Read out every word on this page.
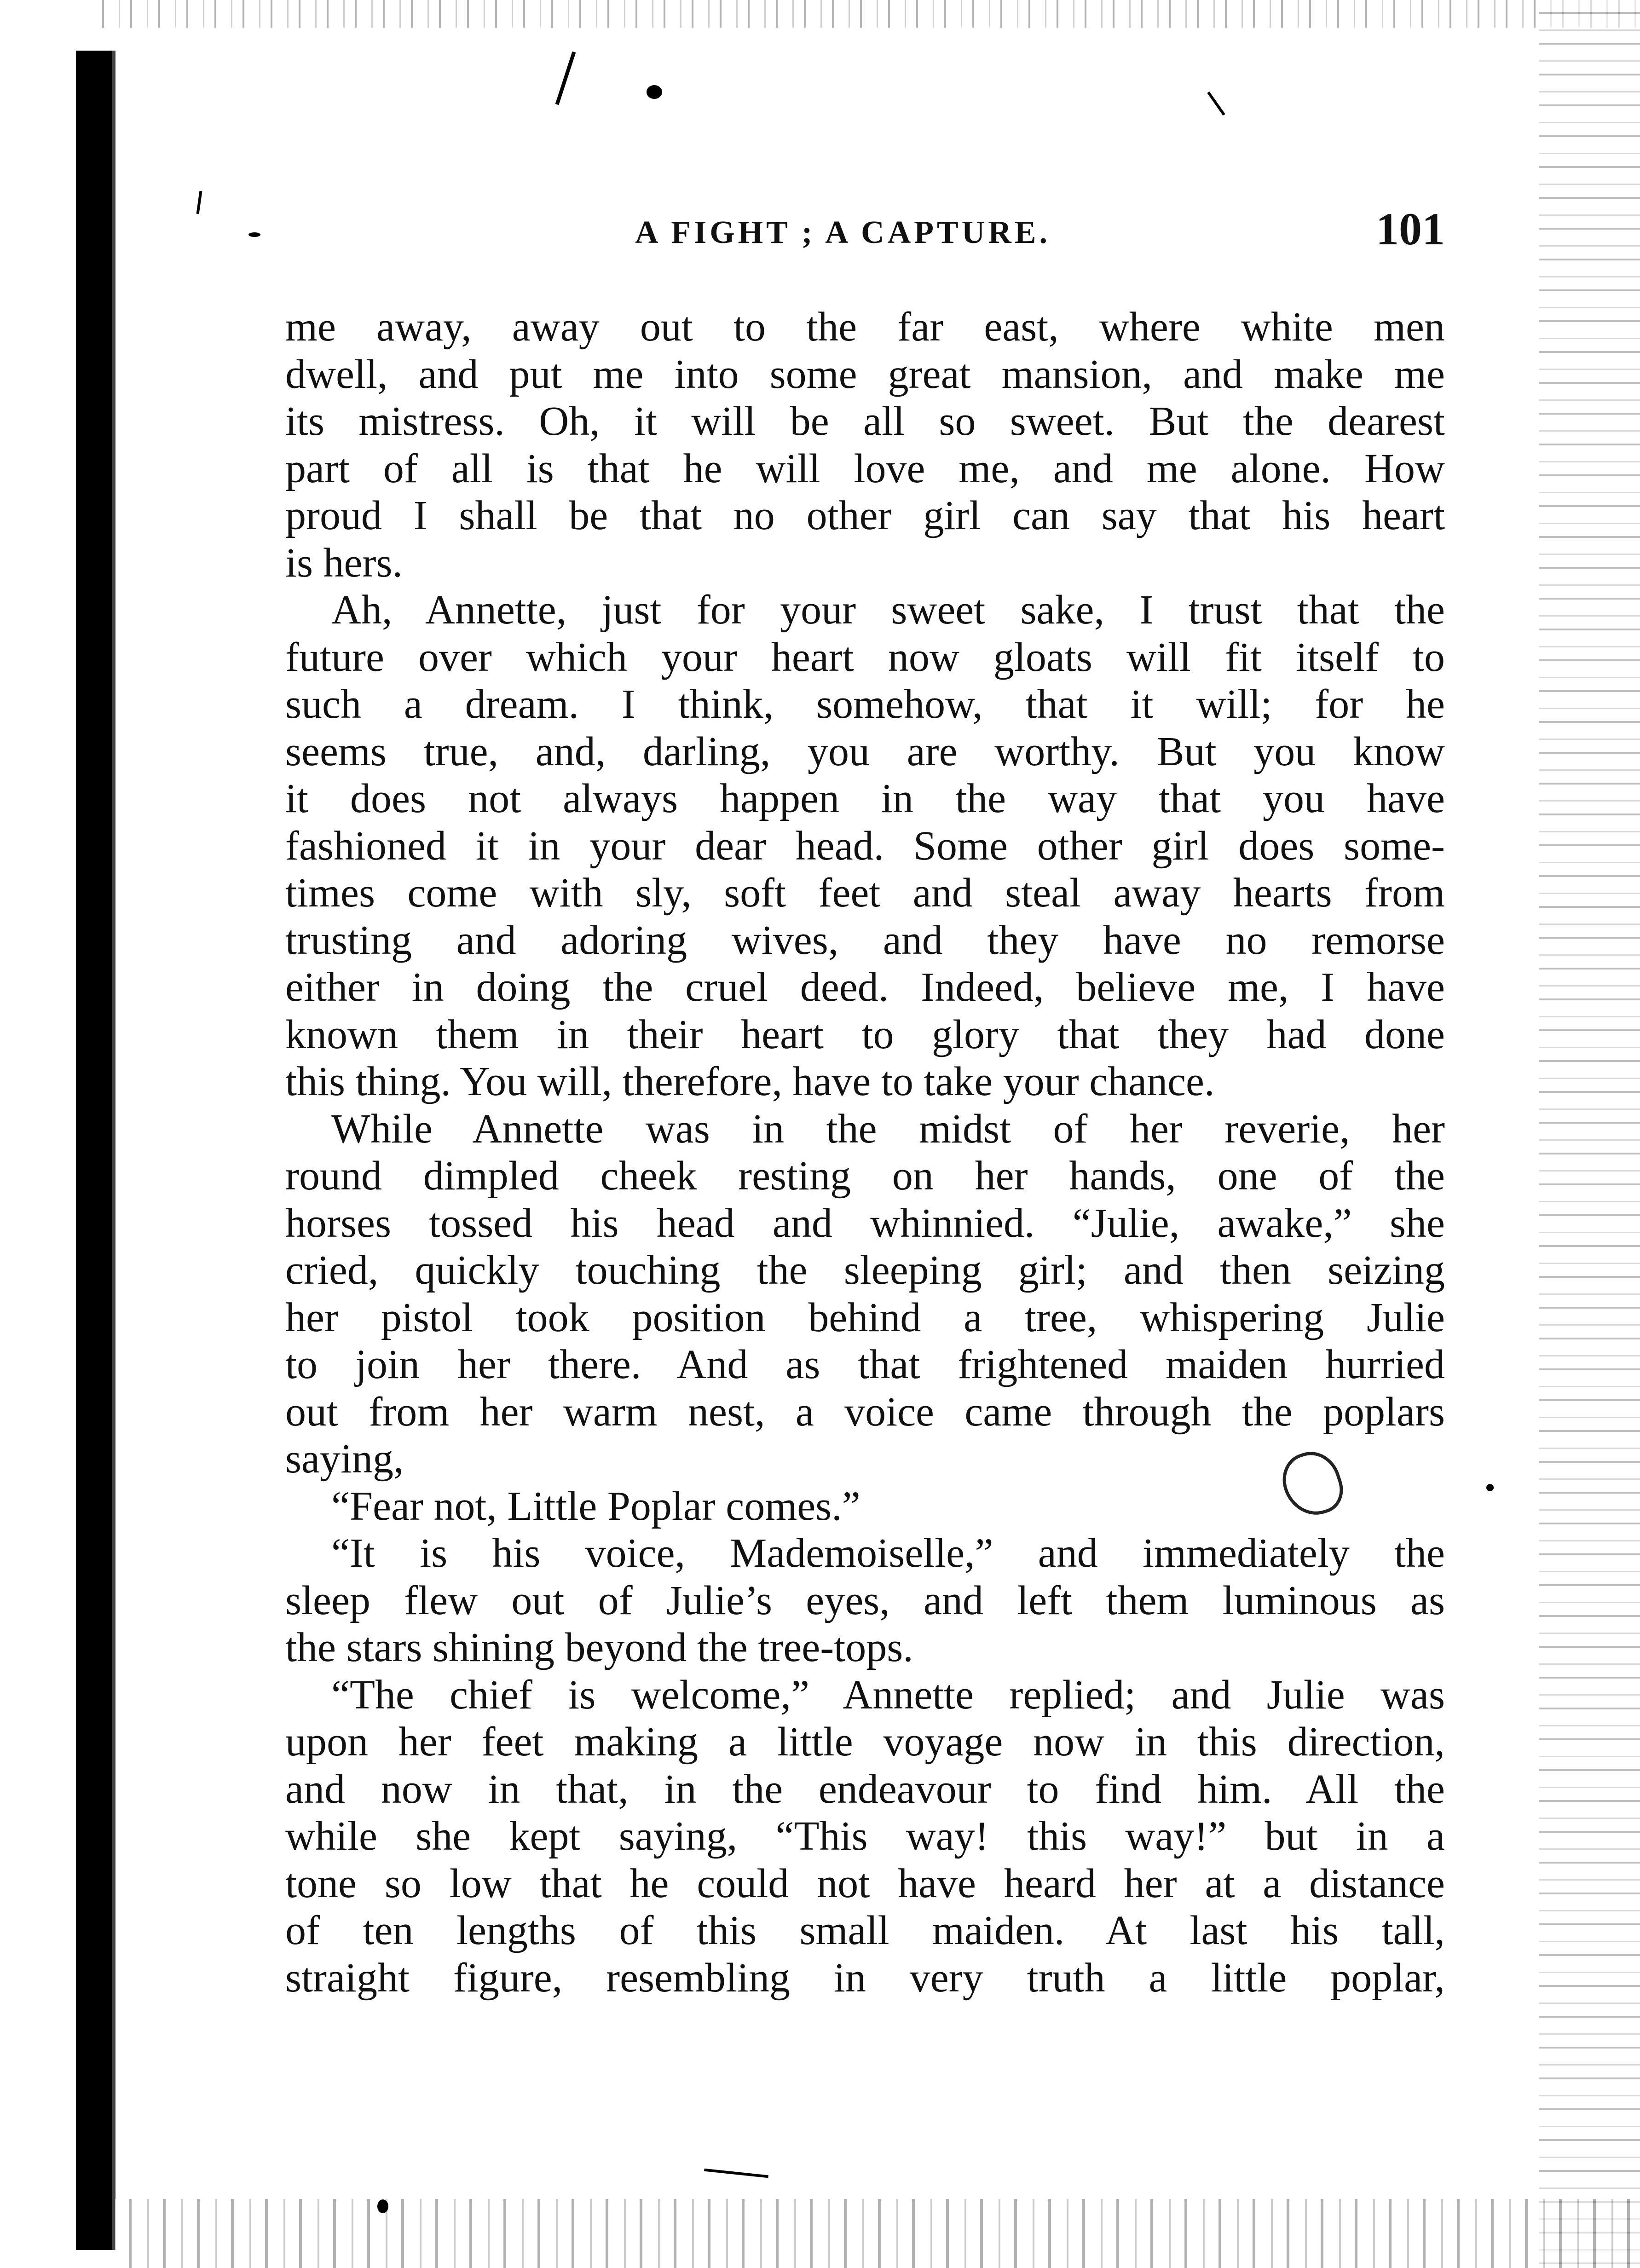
A FIGHT ; A CAPTURE.	101
me away, away out to the far east, where white men
dwell, and put me into some great mansion, and make me
its mistress. Oh, it will be all so sweet. But the dearest
part of all is that he will love me, and me alone. How
proud I shall be that no other girl can say that his heart
is hers.
Ah, Annette, just for your sweet sake, I trust that the
future over which your heart now gloats will fit itself to
such a dream. I think, somehow, that it will; for he
seems true, and, darling, you are worthy. But you know
it does not always happen in the way that you have
fashioned it in your dear head. Some other girl does some-
times come with sly, soft feet and steal away hearts from
trusting and adoring wives, and they have no remorse
either in doing the cruel deed. Indeed, believe me, I have
known them in their heart to glory that they had done
this thing. You will, therefore, have to take your chance.
While Annette was in the midst of her reverie, her
round dimpled cheek resting on her hands, one of the
horses tossed his head and whinnied. “Julie, awake,” she
cried, quickly touching the sleeping girl; and then seizing
her pistol took position behind a tree, whispering Julie
to join her there. And as that frightened maiden hurried
out from her warm nest, a voice came through the poplars
saying,
“Fear not, Little Poplar comes.”
“It is his voice, Mademoiselle,” and immediately the
sleep flew out of Julie’s eyes, and left them luminous as
the stars shining beyond the tree-tops.
“The chief is welcome,” Annette replied; and Julie was
upon her feet making a little voyage now in this direction,
and now in that, in the endeavour to find him. All the
while she kept saying, “This way! this way!” but in a
tone so low that he could not have heard her at a distance
of ten lengths of this small maiden. At last his tall,
straight figure, resembling in very truth a little poplar,
